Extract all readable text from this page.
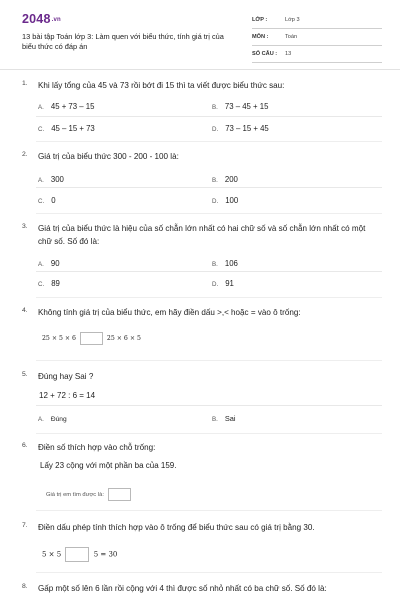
2048.vn
13 bài tập Toán lớp 3: Làm quen với biểu thức, tính giá trị của biểu thức có đáp án
LỚP :	Lớp 3
MÔN :	Toán
SỐ CÂU : 13
1. Khi lấy tổng của 45 và 73 rồi bớt đi 15 thì ta viết được biểu thức sau:
A. 45 + 73 – 15	B. 73 – 45 + 15
C. 45 – 15 + 73	D. 73 – 15 + 45
2. Giá trị của biểu thức 300 - 200 - 100 là:
A. 300	B. 200
C. 0	D. 100
3. Giá trị của biểu thức là hiệu của số chẵn lớn nhất có hai chữ số và số chẵn lớn nhất có một chữ số. Số đó là:
A. 90	B. 106
C. 89	D. 91
4. Không tính giá trị của biểu thức, em hãy điền dấu >,< hoặc = vào ô trống:
25 × 5 × 6	25 × 6 × 5
5. Đúng hay Sai ?
12 + 72 : 6 = 14
A. Đúng	B. Sai
6. Điền số thích hợp vào chỗ trống:
Lấy 23 cộng với một phần ba của 159.
Giá trị em tìm được là:
7. Điền dấu phép tính thích hợp vào ô trống để biểu thức sau có giá trị bằng 30.
5 × 5	5 = 30
8. Gấp một số lên 6 lần rồi cộng với 4 thì được số nhỏ nhất có ba chữ số. Số đó là:
